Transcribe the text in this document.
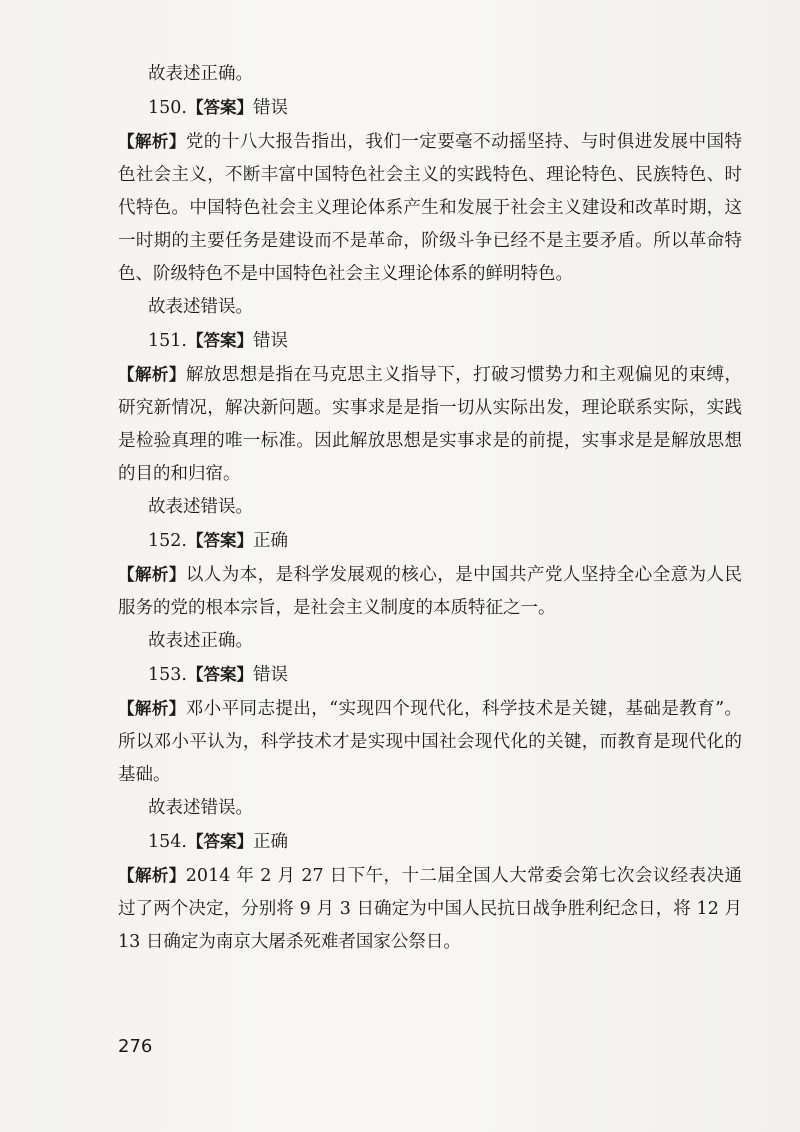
故表述正确。

150.【答案】错误

【解析】党的十八大报告指出，我们一定要毫不动摇坚持、与时俱进发展中国特色社会主义，不断丰富中国特色社会主义的实践特色、理论特色、民族特色、时代特色。中国特色社会主义理论体系产生和发展于社会主义建设和改革时期，这一时期的主要任务是建设而不是革命，阶级斗争已经不是主要矛盾。所以革命特色、阶级特色不是中国特色社会主义理论体系的鲜明特色。

故表述错误。

151.【答案】错误

【解析】解放思想是指在马克思主义指导下，打破习惯势力和主观偏见的束缚，研究新情况，解决新问题。实事求是是指一切从实际出发，理论联系实际，实践是检验真理的唯一标准。因此解放思想是实事求是的前提，实事求是是解放思想的目的和归宿。

故表述错误。

152.【答案】正确

【解析】以人为本，是科学发展观的核心，是中国共产党人坚持全心全意为人民服务的党的根本宗旨，是社会主义制度的本质特征之一。

故表述正确。

153.【答案】错误

【解析】邓小平同志提出，“实现四个现代化，科学技术是关键，基础是教育”。所以邓小平认为，科学技术才是实现中国社会现代化的关键，而教育是现代化的基础。

故表述错误。

154.【答案】正确

【解析】2014 年 2 月 27 日下午，十二届全国人大常委会第七次会议经表决通过了两个决定，分别将 9 月 3 日确定为中国人民抗日战争胜利纪念日，将 12 月 13 日确定为南京大屠杀死难者国家公祭日。

276
